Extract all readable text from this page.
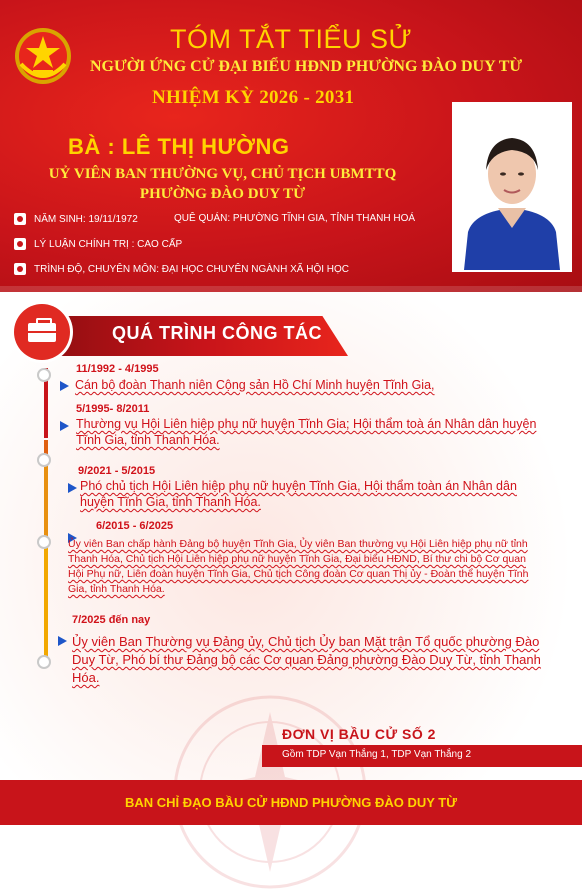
TÓM TẮT TIỂU SỬ
NGƯỜI ỨNG CỬ ĐẠI BIỂU HĐND PHƯỜNG ĐÀO DUY TỪ
NHIỆM KỲ 2026 - 2031
BÀ : LÊ THỊ HƯỜNG
UỶ VIÊN BAN THƯỜNG VỤ, CHỦ TỊCH UBMTTQ
PHƯỜNG ĐÀO DUY TỪ
NĂM SINH: 19/11/1972	QUÊ QUÁN: PHƯỜNG TĨNH GIA, TỈNH THANH HOÁ
LÝ LUẬN CHÍNH TRỊ : CAO CẤP
TRÌNH ĐỘ, CHUYÊN MÔN: ĐẠI HỌC CHUYÊN NGÀNH XÃ HỘI HỌC
QUÁ TRÌNH CÔNG TÁC
11/1992 - 4/1995
Cán bộ đoàn Thanh niên Cộng sản Hồ Chí Minh huyện Tĩnh Gia,
5/1995- 8/2011
Thường vụ Hội Liên hiệp phụ nữ huyện Tĩnh Gia; Hội thẩm toà án Nhân dân huyện Tĩnh Gia, tỉnh Thanh Hóa.
9/2021 - 5/2015
Phó chủ tịch Hội Liên hiệp phụ nữ huyện Tĩnh Gia, Hội thẩm toàn án Nhân dân huyện Tĩnh Gia, tỉnh Thanh Hóa.
6/2015 - 6/2025
Ủy viên Ban chấp hành Đảng bộ huyện Tĩnh Gia, Ủy viên Ban thường vụ Hội Liên hiệp phụ nữ tỉnh Thanh Hóa, Chủ tịch Hội Liên hiệp phụ nữ huyện Tĩnh Gia, Đại biểu HĐND, Bí thư chi bộ Cơ quan Hội Phụ nữ, Liên đoàn huyện Tĩnh Gia, Chủ tịch Công đoàn Cơ quan Thị ủy - Đoàn thể huyện Tĩnh Gia, tỉnh Thanh Hóa.
7/2025 đến nay
Ủy viên Ban Thường vụ Đảng ủy, Chủ tịch Ủy ban Mặt trận Tổ quốc phường Đào Duy Từ, Phó bí thư Đảng bộ các Cơ quan Đảng phường Đào Duy Từ, tỉnh Thanh Hóa.
ĐƠN VỊ BẦU CỬ SỐ 2
Gồm TDP Vạn Thắng 1, TDP Vạn Thắng 2
BAN CHỈ ĐẠO BẦU CỬ HĐND PHƯỜNG ĐÀO DUY TỪ
